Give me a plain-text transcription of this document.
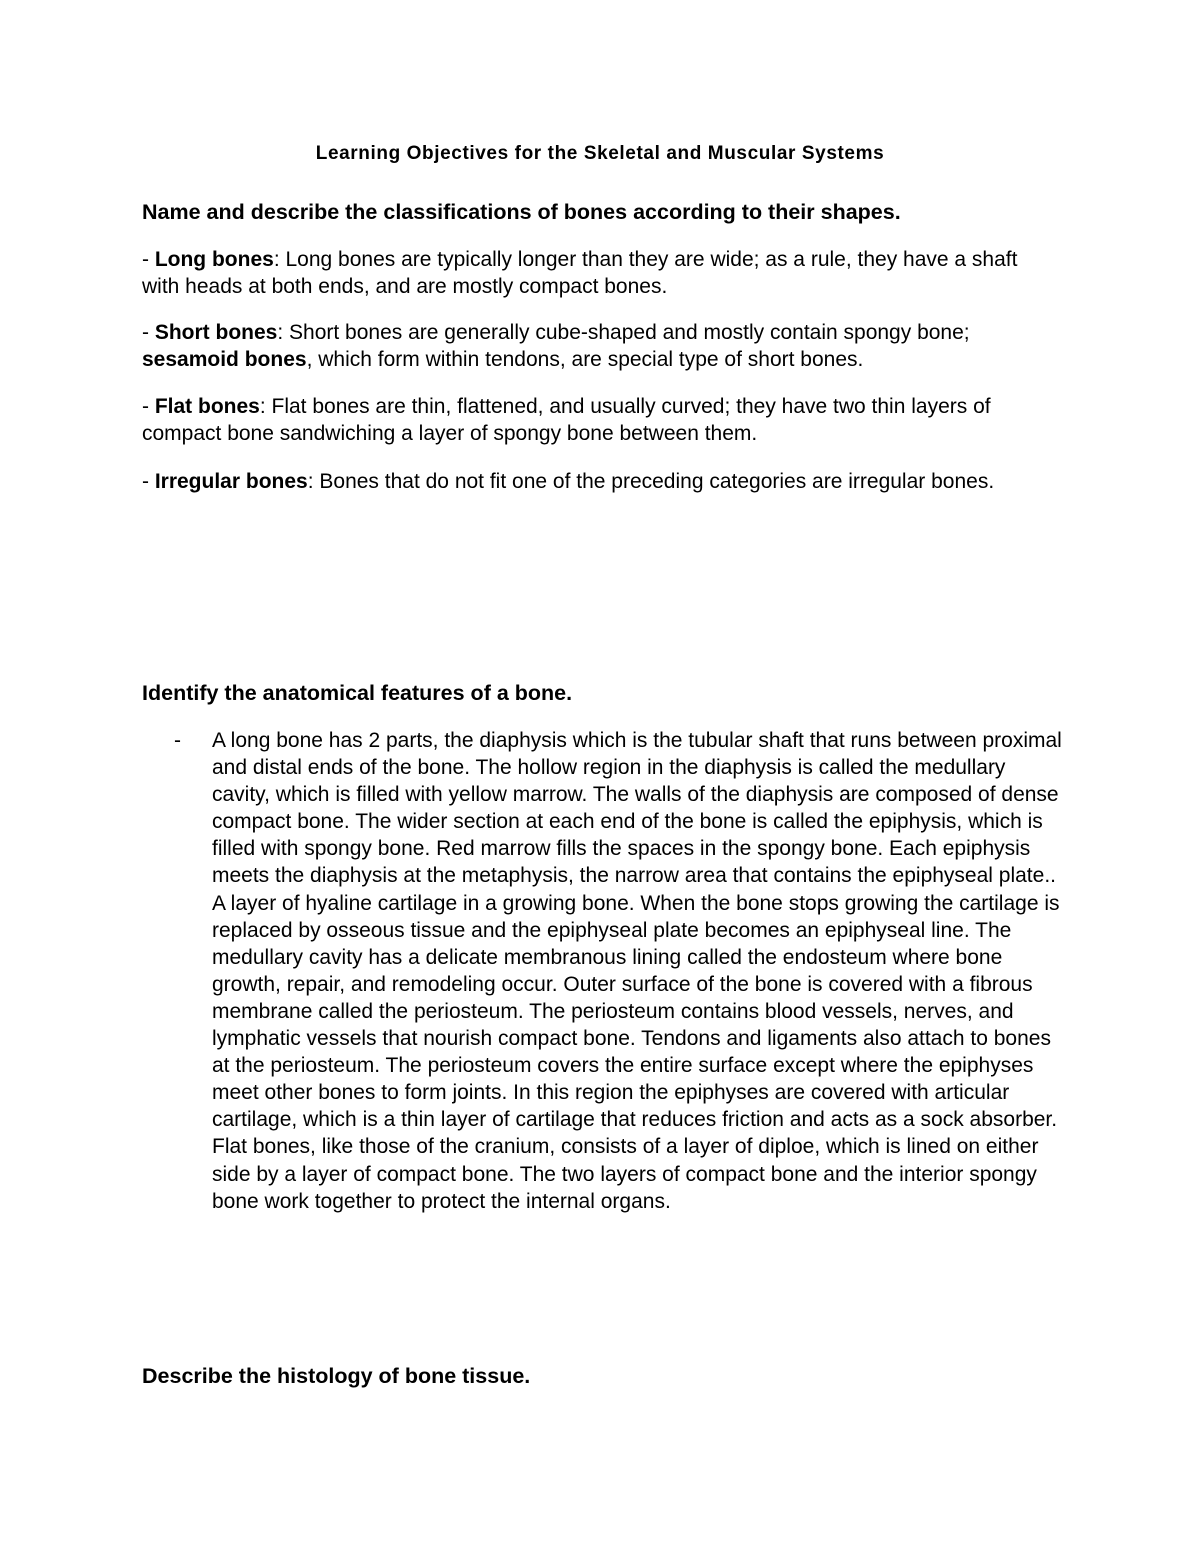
Learning Objectives for the Skeletal and Muscular Systems
Name and describe the classifications of bones according to their shapes.

- Long bones: Long bones are typically longer than they are wide; as a rule, they have a shaft with heads at both ends, and are mostly compact bones.

- Short bones: Short bones are generally cube-shaped and mostly contain spongy bone; sesamoid bones, which form within tendons, are special type of short bones.

- Flat bones: Flat bones are thin, flattened, and usually curved; they have two thin layers of compact bone sandwiching a layer of spongy bone between them.

- Irregular bones: Bones that do not fit one of the preceding categories are irregular bones.

Identify the anatomical features of a bone.
- A long bone has 2 parts, the diaphysis which is the tubular shaft that runs between proximal and distal ends of the bone. The hollow region in the diaphysis is called the medullary cavity, which is filled with yellow marrow. The walls of the diaphysis are composed of dense compact bone. The wider section at each end of the bone is called the epiphysis, which is filled with spongy bone. Red marrow fills the spaces in the spongy bone. Each epiphysis meets the diaphysis at the metaphysis, the narrow area that contains the epiphyseal plate.. A layer of hyaline cartilage in a growing bone. When the bone stops growing the cartilage is replaced by osseous tissue and the epiphyseal plate becomes an epiphyseal line. The medullary cavity has a delicate membranous lining called the endosteum where bone growth, repair, and remodeling occur. Outer surface of the bone is covered with a fibrous membrane called the periosteum. The periosteum contains blood vessels, nerves, and lymphatic vessels that nourish compact bone. Tendons and ligaments also attach to bones at the periosteum. The periosteum covers the entire surface except where the epiphyses meet other bones to form joints. In this region the epiphyses are covered with articular cartilage, which is a thin layer of cartilage that reduces friction and acts as a sock absorber. Flat bones, like those of the cranium, consists of a layer of diploe, which is lined on either side by a layer of compact bone. The two layers of compact bone and the interior spongy bone work together to protect the internal organs.

Describe the histology of bone tissue.
